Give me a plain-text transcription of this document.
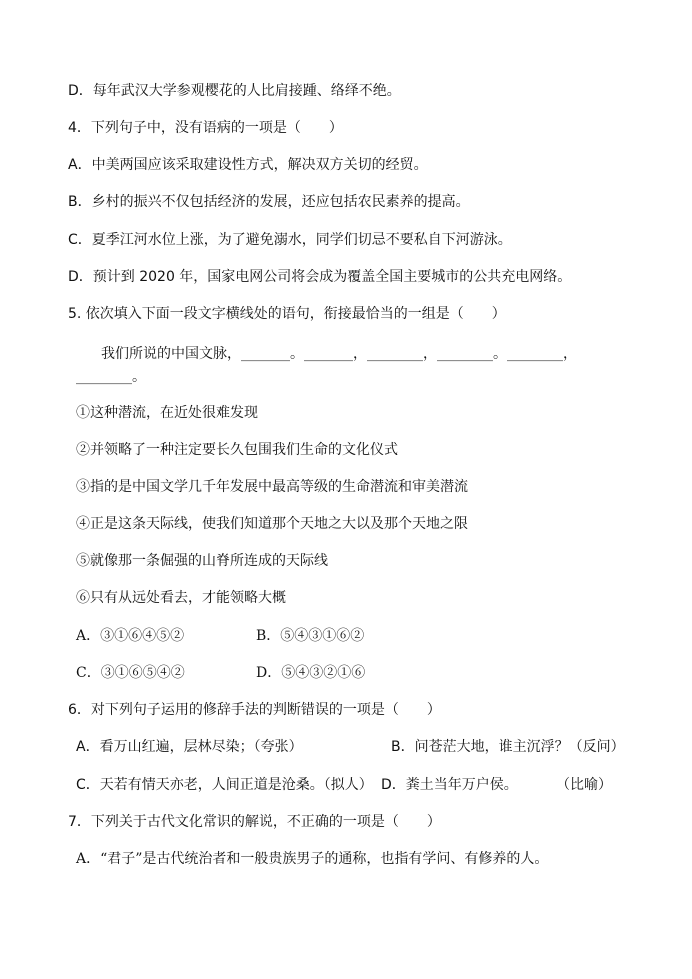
D．每年武汉大学参观樱花的人比肩接踵、络绎不绝。
4．下列句子中，没有语病的一项是（　　）
A．中美两国应该采取建设性方式，解决双方关切的经贸。
B．乡村的振兴不仅包括经济的发展，还应包括农民素养的提高。
C．夏季江河水位上涨，为了避免溺水，同学们切忌不要私自下河游泳。
D．预计到 2020 年，国家电网公司将会成为覆盖全国主要城市的公共充电网络。
5. 依次填入下面一段文字横线处的语句，衔接最恰当的一组是（　　）
我们所说的中国文脉，_______。_______，________，________。________，
________。
①这种潜流，在近处很难发现
②并领略了一种注定要长久包围我们生命的文化仪式
③指的是中国文学几千年发展中最高等级的生命潜流和审美潜流
④正是这条天际线，使我们知道那个天地之大以及那个天地之限
⑤就像那一条倔强的山脊所连成的天际线
⑥只有从远处看去，才能领略大概
A．③①⑥④⑤②	B．⑤④③①⑥②
C．③①⑥⑤④②	D．⑤④③②①⑥
6．对下列句子运用的修辞手法的判断错误的一项是（　　）
A．看万山红遍，层林尽染；（夸张）	B．问苍茫大地，谁主沉浮？（反问）
C．天若有情天亦老，人间正道是沧桑。（拟人） D．粪土当年万户侯。	（比喻）
7．下列关于古代文化常识的解说，不正确的一项是（　　）
A．“君子”是古代统治者和一般贵族男子的通称，也指有学问、有修养的人。
